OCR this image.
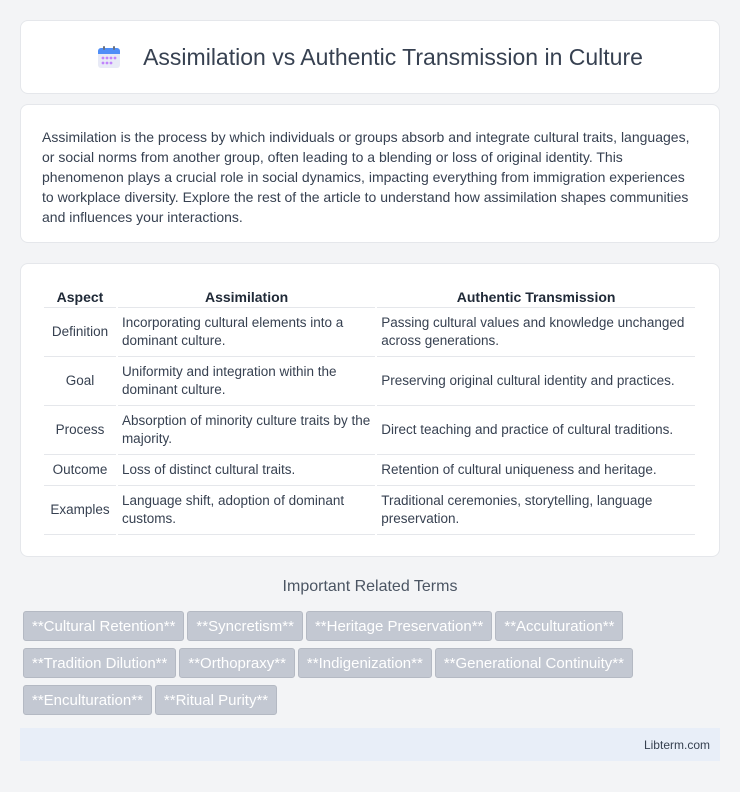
Assimilation vs Authentic Transmission in Culture

Assimilation is the process by which individuals or groups absorb and integrate cultural traits, languages, or social norms from another group, often leading to a blending or loss of original identity. This phenomenon plays a crucial role in social dynamics, impacting everything from immigration experiences to workplace diversity. Explore the rest of the article to understand how assimilation shapes communities and influences your interactions.

Aspect	Assimilation	Authentic Transmission
Definition	Incorporating cultural elements into a dominant culture.	Passing cultural values and knowledge unchanged across generations.
Goal	Uniformity and integration within the dominant culture.	Preserving original cultural identity and practices.
Process	Absorption of minority culture traits by the majority.	Direct teaching and practice of cultural traditions.
Outcome	Loss of distinct cultural traits.	Retention of cultural uniqueness and heritage.
Examples	Language shift, adoption of dominant customs.	Traditional ceremonies, storytelling, language preservation.
Important Related Terms
**Cultural Retention** **Syncretism** **Heritage Preservation** **Acculturation**
**Tradition Dilution** **Orthopraxy** **Indigenization** **Generational Continuity**
**Enculturation** **Ritual Purity**
Libterm.com
